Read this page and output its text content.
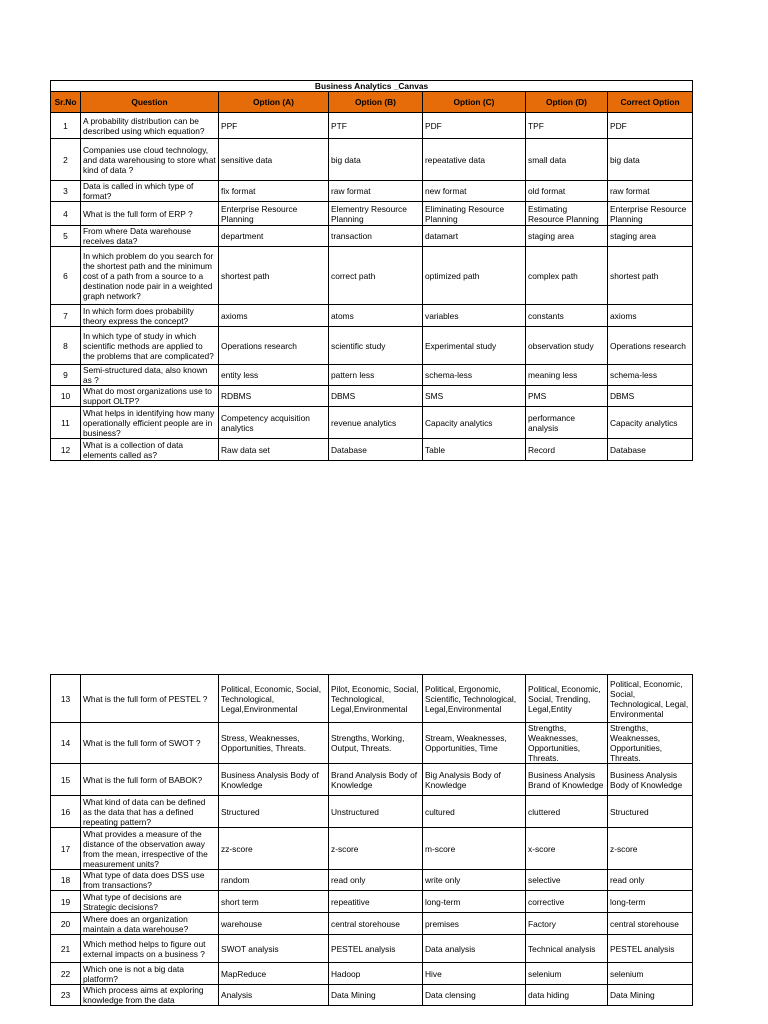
Business Analytics _Canvas						
Sr.No	Question	Option (A)	Option (B)	Option (C)	Option (D)	Correct Option
1	A probability distribution can be described using which equation?	PPF	PTF	PDF	TPF	PDF
2	Companies use cloud technology, and data warehousing to store what kind of data ?	sensitive data	big data	repeatative data	small data	big data
3	Data is called in which type of format?	fix format	raw format	new format	old format	raw format
4	What is the full form of ERP ?	Enterprise Resource Planning	Elementry Resource Planning	Eliminating Resource Planning	Estimating Resource Planning	Enterprise Resource Planning
5	From where Data warehouse receives data?	department	transaction	datamart	staging area	staging area
6	In which problem do you search for the shortest path and the minimum cost of a path from a source to a destination node pair in a weighted graph network?	shortest path	correct path	optimized path	complex path	shortest path
7	In which form does probability theory express the concept?	axioms	atoms	variables	constants	axioms
8	In which type of study in which scientific methods are applied to the problems that are complicated?	Operations research	scientific study	Experimental study	observation study	Operations research
9	Semi-structured data, also known as ?	entity less	pattern less	schema-less	meaning less	schema-less
10	What do most organizations use to support OLTP?	RDBMS	DBMS	SMS	PMS	DBMS
11	What helps in identifying how many operationally efficient people are in business?	Competency acquisition analytics	revenue analytics	Capacity analytics	performance analysis	Capacity analytics
12	What is a collection of data elements called as?	Raw data set	Database	Table	Record	Database
13	What is the full form of PESTEL ?	Political, Economic, Social, Technological, Legal,Environmental	Pilot, Economic, Social, Technological, Legal,Environmental	Political, Ergonomic, Scientific, Technological, Legal,Environmental	Political, Economic, Social, Trending, Legal,Entity	Political, Economic, Social, Technological, Legal, Environmental
14	What is the full form of SWOT ?	Stress, Weaknesses, Opportunities, Threats.	Strengths, Working, Output, Threats.	Stream, Weaknesses, Opportunities, Time	Strengths, Weaknesses, Opportunities, Threats.	Strengths, Weaknesses, Opportunities, Threats.
15	What is the full form of BABOK?	Business Analysis Body of Knowledge	Brand Analysis Body of Knowledge	Big Analysis Body of Knowledge	Business Analysis Brand of Knowledge	Business Analysis Body of Knowledge
16	What kind of data can be defined as the data that has a defined repeating pattern?	Structured	Unstructured	cultured	cluttered	Structured
17	What provides a measure of the distance of the observation away from the mean, irrespective of the measurement units?	zz-score	z-score	m-score	x-score	z-score
18	What type of data does DSS use from transactions?	random	read only	write only	selective	read only
19	What type of decisions are Strategic decisions?	short term	repeatitive	long-term	corrective	long-term
20	Where does an organization maintain a data warehouse?	warehouse	central storehouse	premises	Factory	central storehouse
21	Which method helps to figure out external impacts on a business ?	SWOT analysis	PESTEL analysis	Data analysis	Technical analysis	PESTEL analysis
22	Which one is not a big data platform?	MapReduce	Hadoop	Hive	selenium	selenium
23	Which process aims at exploring knowledge from the data	Analysis	Data Mining	Data clensing	data hiding	Data Mining
